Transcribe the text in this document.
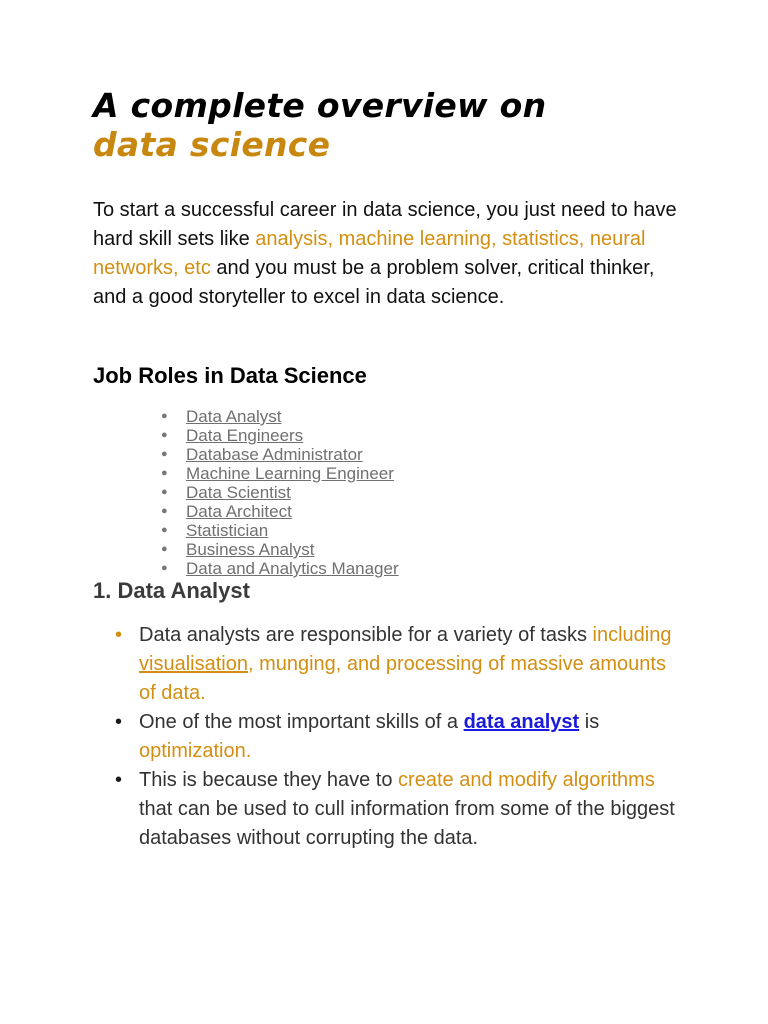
A complete overview on
data science

To start a successful career in data science, you just need to have hard skill sets like analysis, machine learning, statistics, neural networks, etc and you must be a problem solver, critical thinker, and a good storyteller to excel in data science.

Job Roles in Data Science
● Data Analyst
● Data Engineers
● Database Administrator
● Machine Learning Engineer
● Data Scientist
● Data Architect
● Statistician
● Business Analyst
● Data and Analytics Manager
1. Data Analyst
• Data analysts are responsible for a variety of tasks including visualisation, munging, and processing of massive amounts of data.
• One of the most important skills of a data analyst is optimization.
• This is because they have to create and modify algorithms that can be used to cull information from some of the biggest databases without corrupting the data.
